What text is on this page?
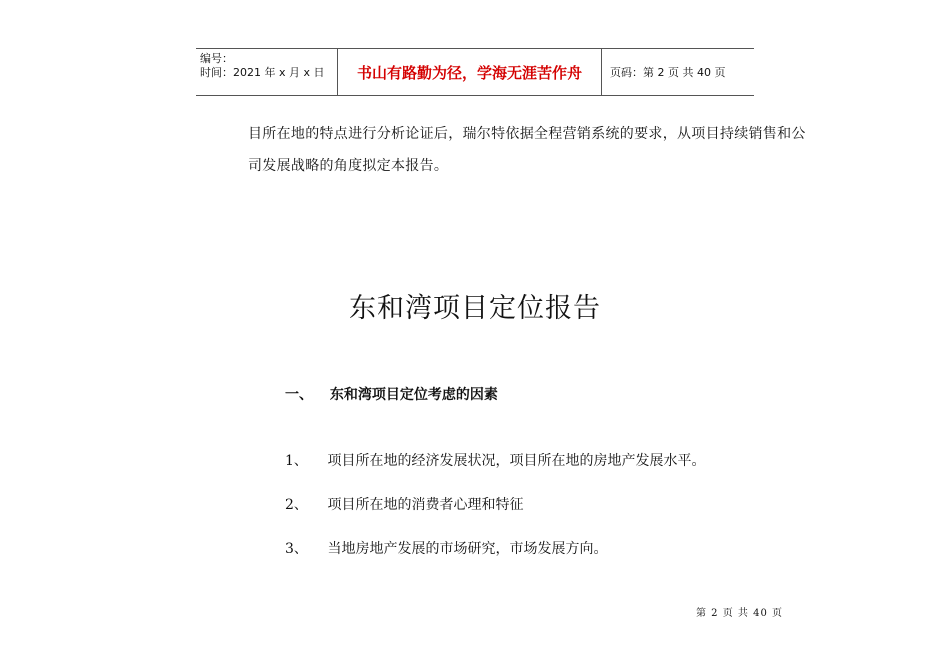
编号：
时间：2021 年 x 月 x 日	书山有路勤为径，学海无涯苦作舟	页码：第 2 页 共 40 页
目所在地的特点进行分析论证后，瑞尔特依据全程营销系统的要求，从项目持续销售和公
司发展战略的角度拟定本报告。
东和湾项目定位报告
一、 东和湾项目定位考虑的因素
1、 项目所在地的经济发展状况，项目所在地的房地产发展水平。
2、 项目所在地的消费者心理和特征
3、 当地房地产发展的市场研究，市场发展方向。
第 2 页 共 40 页
